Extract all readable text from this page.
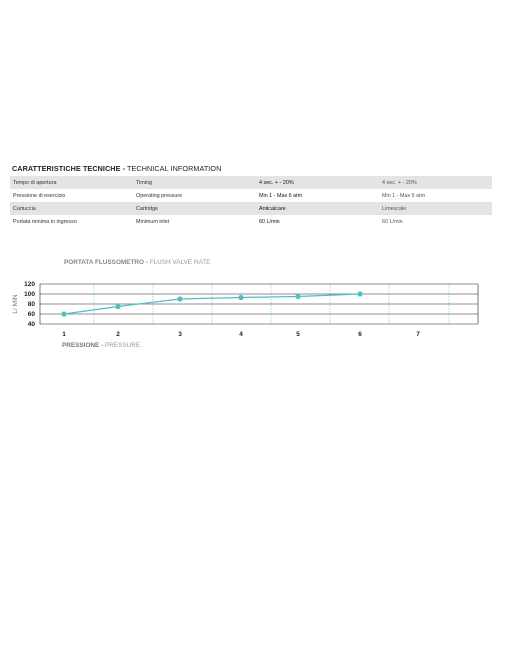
CARATTERISTICHE TECNICHE - TECHNICAL INFORMATION
Tempo di apertura	Timing	4 sec. + - 20%	4 sec. + - 20%
Pressione di esercizio	Operating pressure	Min 1 - Max 6 atm	Min 1 - Max 6 atm
Cartuccia	Cartridge	Anticalcare	Limescale
Portata minima in ingresso	Minimum inlet	60 L/min	60 L/min
PORTATA FLUSSOMETRO - FLUSH VALVE RATE
120
100
80
60
40
1	2	3	4	5	6	7
L/ MIN
PRESSIONE - PRESSURE
